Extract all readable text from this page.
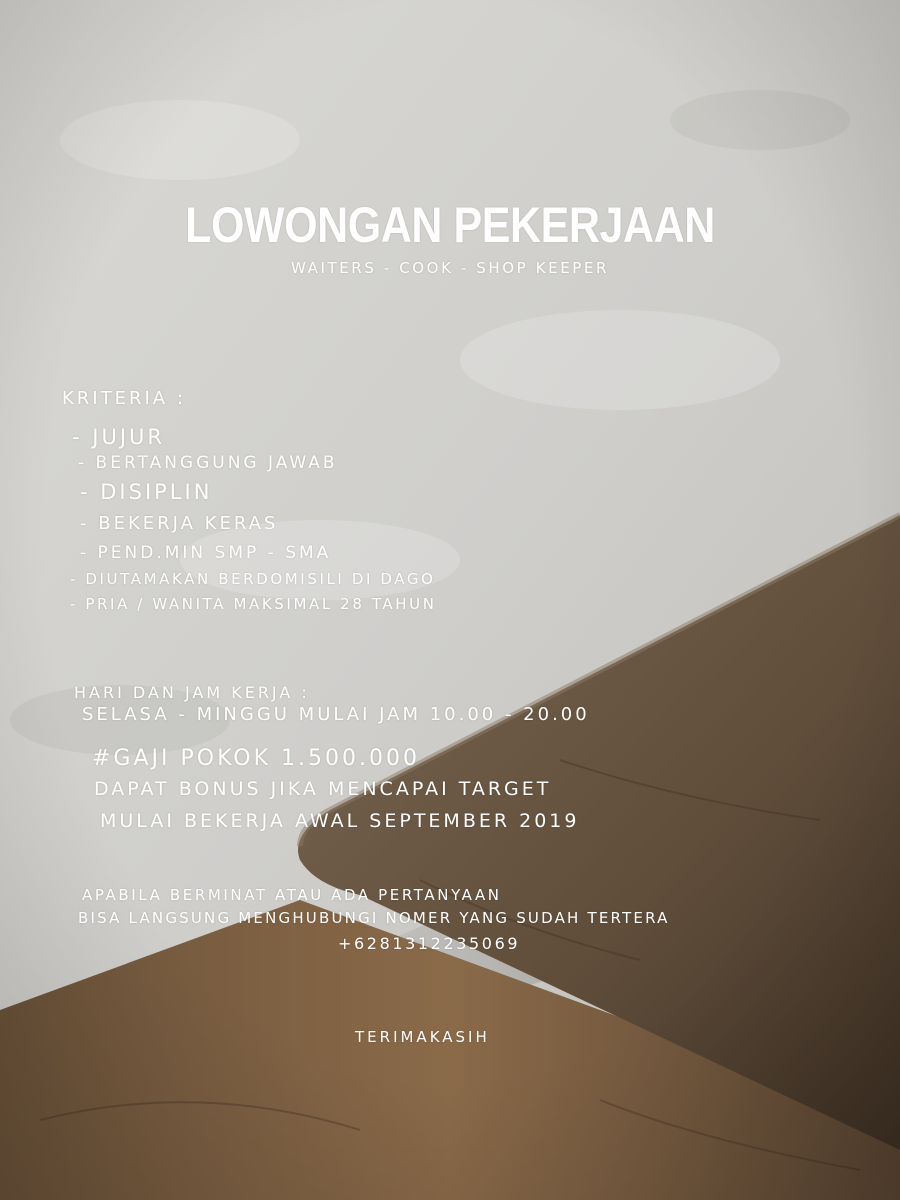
LOWONGAN PEKERJAAN
WAITERS - COOK - SHOP KEEPER
KRITERIA :
- JUJUR
- BERTANGGUNG JAWAB
- DISIPLIN
- BEKERJA KERAS
- PEND.MIN SMP - SMA
- DIUTAMAKAN BERDOMISILI DI DAGO
- PRIA / WANITA MAKSIMAL 28 TAHUN
HARI DAN JAM KERJA :
SELASA - MINGGU MULAI JAM 10.00 - 20.00
#GAJI POKOK 1.500.000
DAPAT BONUS JIKA MENCAPAI TARGET
MULAI BEKERJA AWAL SEPTEMBER 2019
APABILA BERMINAT ATAU ADA PERTANYAAN
BISA LANGSUNG MENGHUBUNGI NOMER YANG SUDAH TERTERA
+6281312235069
TERIMAKASIH
